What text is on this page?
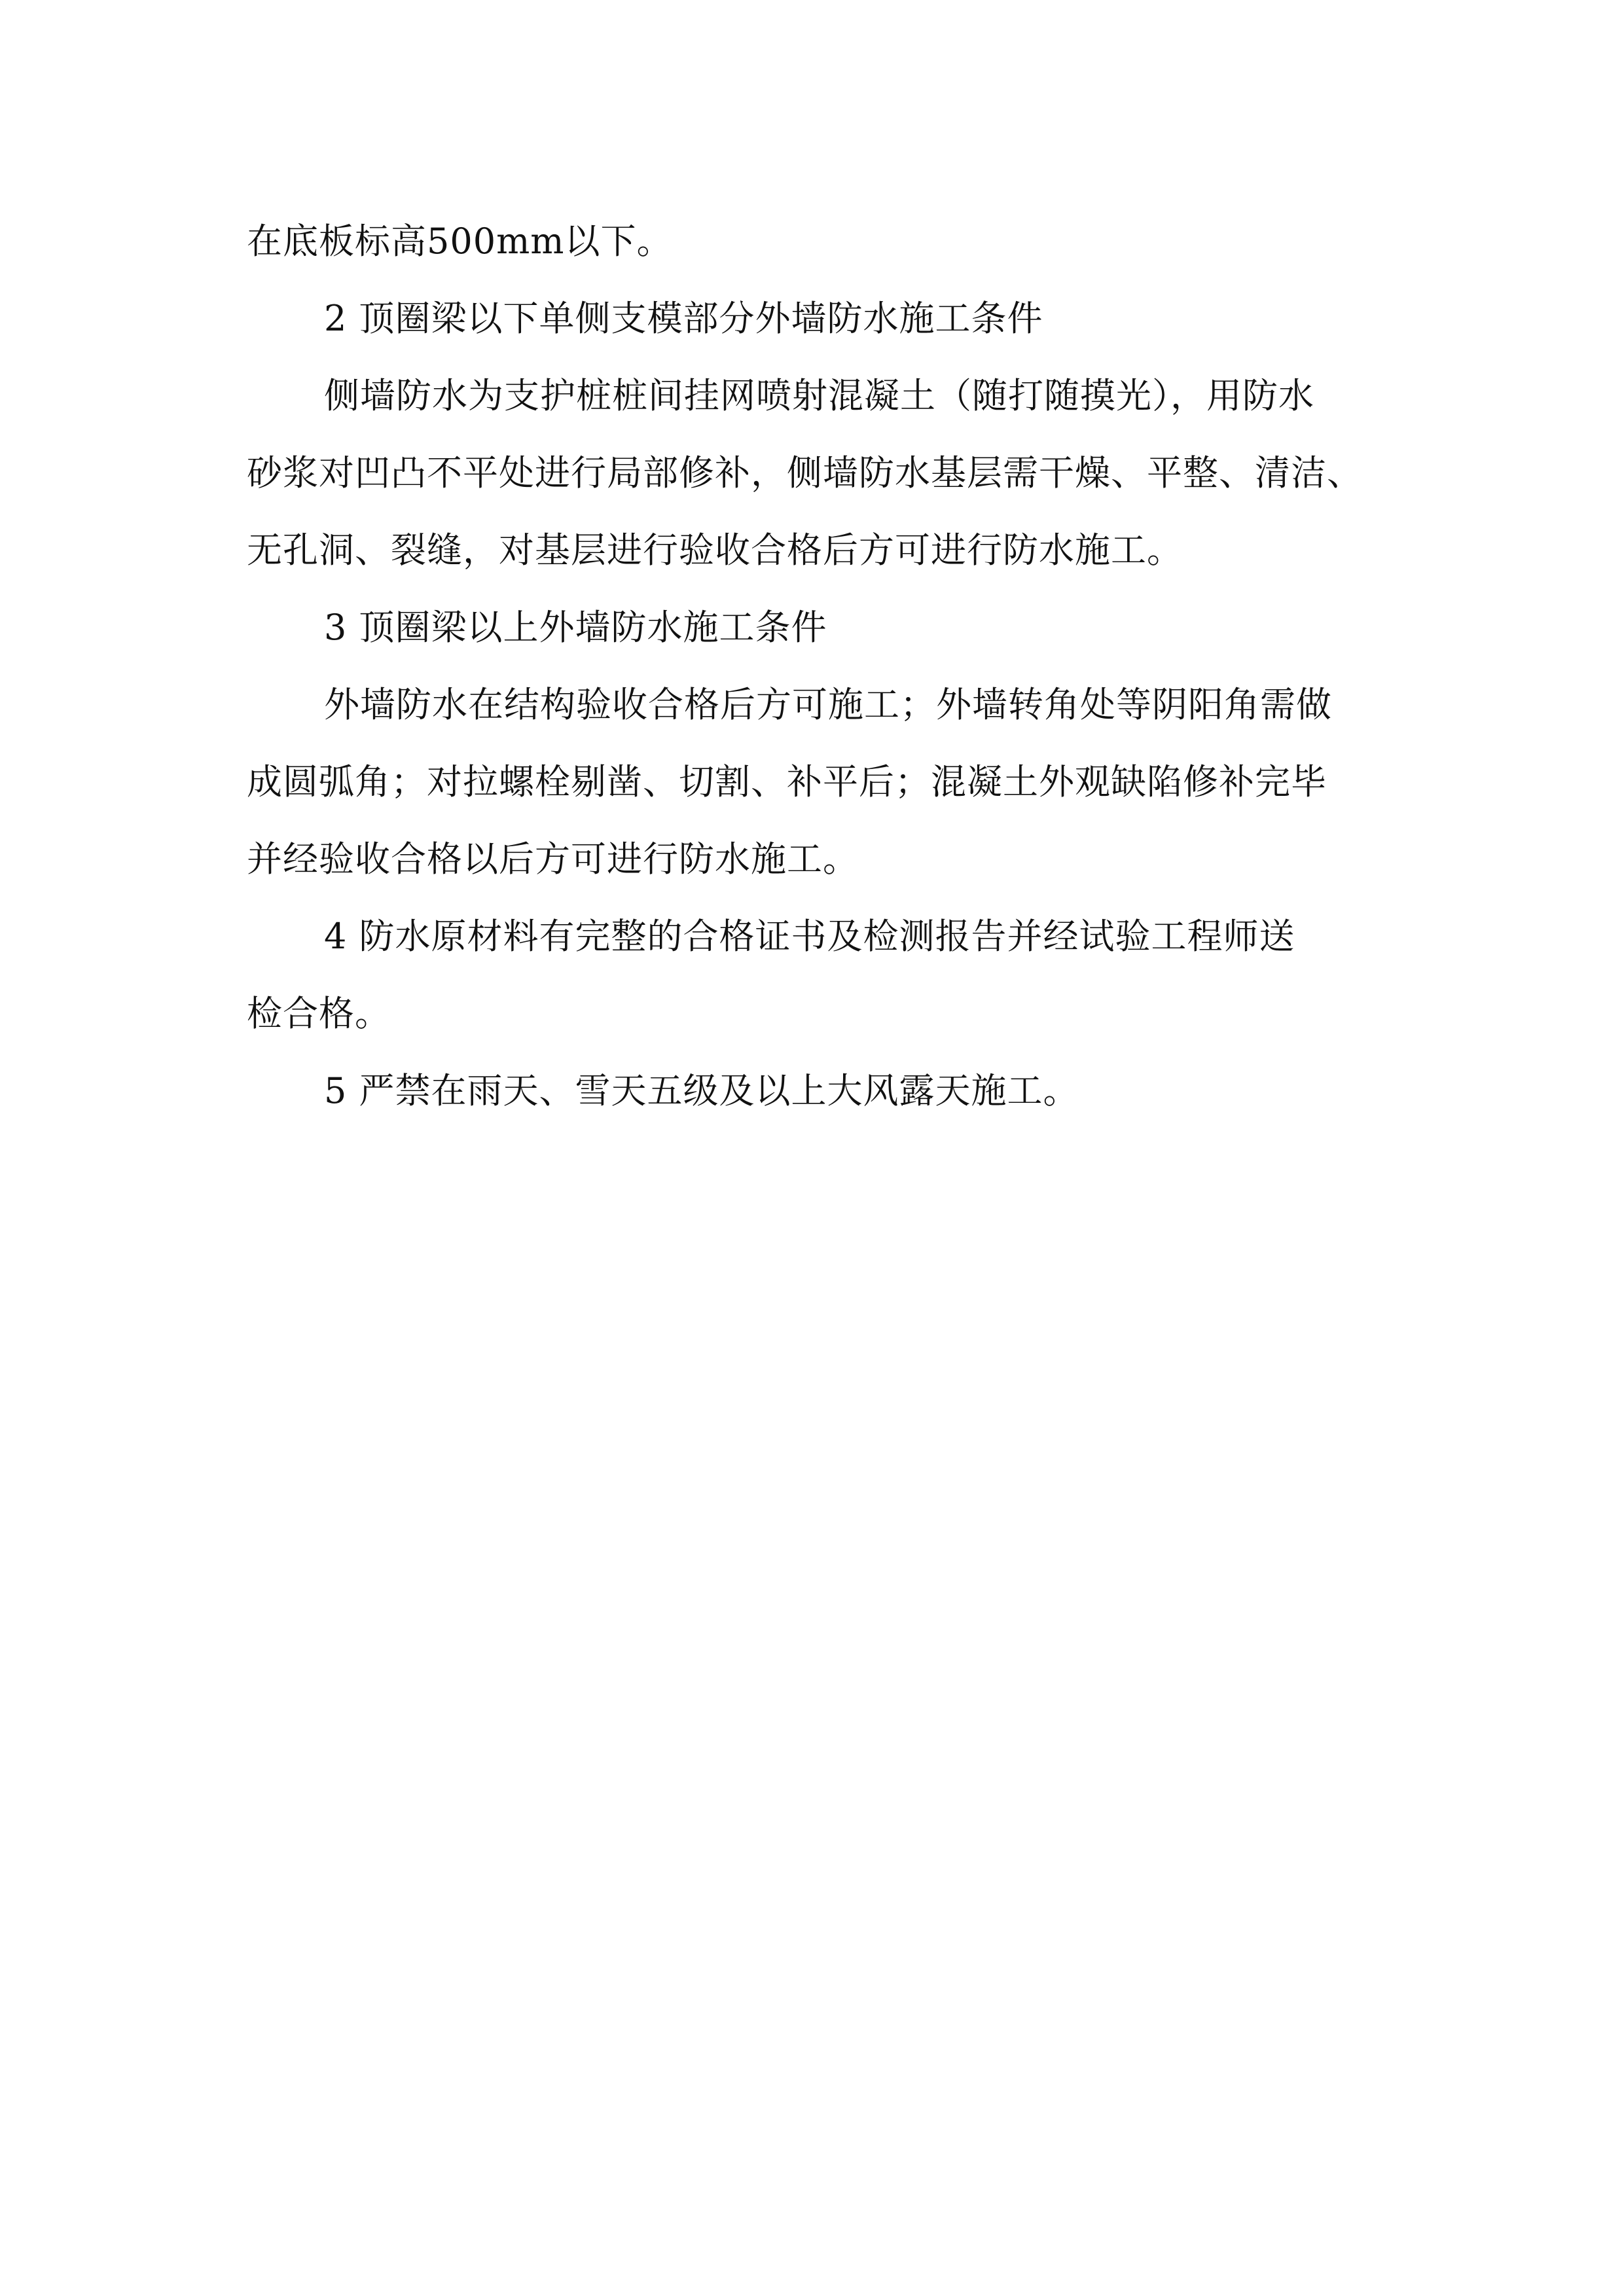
在底板标高500mm以下。
2 顶圈梁以下单侧支模部分外墙防水施工条件
侧墙防水为支护桩桩间挂网喷射混凝土（随打随摸光），用防水
砂浆对凹凸不平处进行局部修补，侧墙防水基层需干燥、平整、清洁、
无孔洞、裂缝，对基层进行验收合格后方可进行防水施工。
3 顶圈梁以上外墙防水施工条件
外墙防水在结构验收合格后方可施工；外墙转角处等阴阳角需做
成圆弧角；对拉螺栓剔凿、切割、补平后；混凝土外观缺陷修补完毕
并经验收合格以后方可进行防水施工。
4 防水原材料有完整的合格证书及检测报告并经试验工程师送
检合格。
5 严禁在雨天、雪天五级及以上大风露天施工。
